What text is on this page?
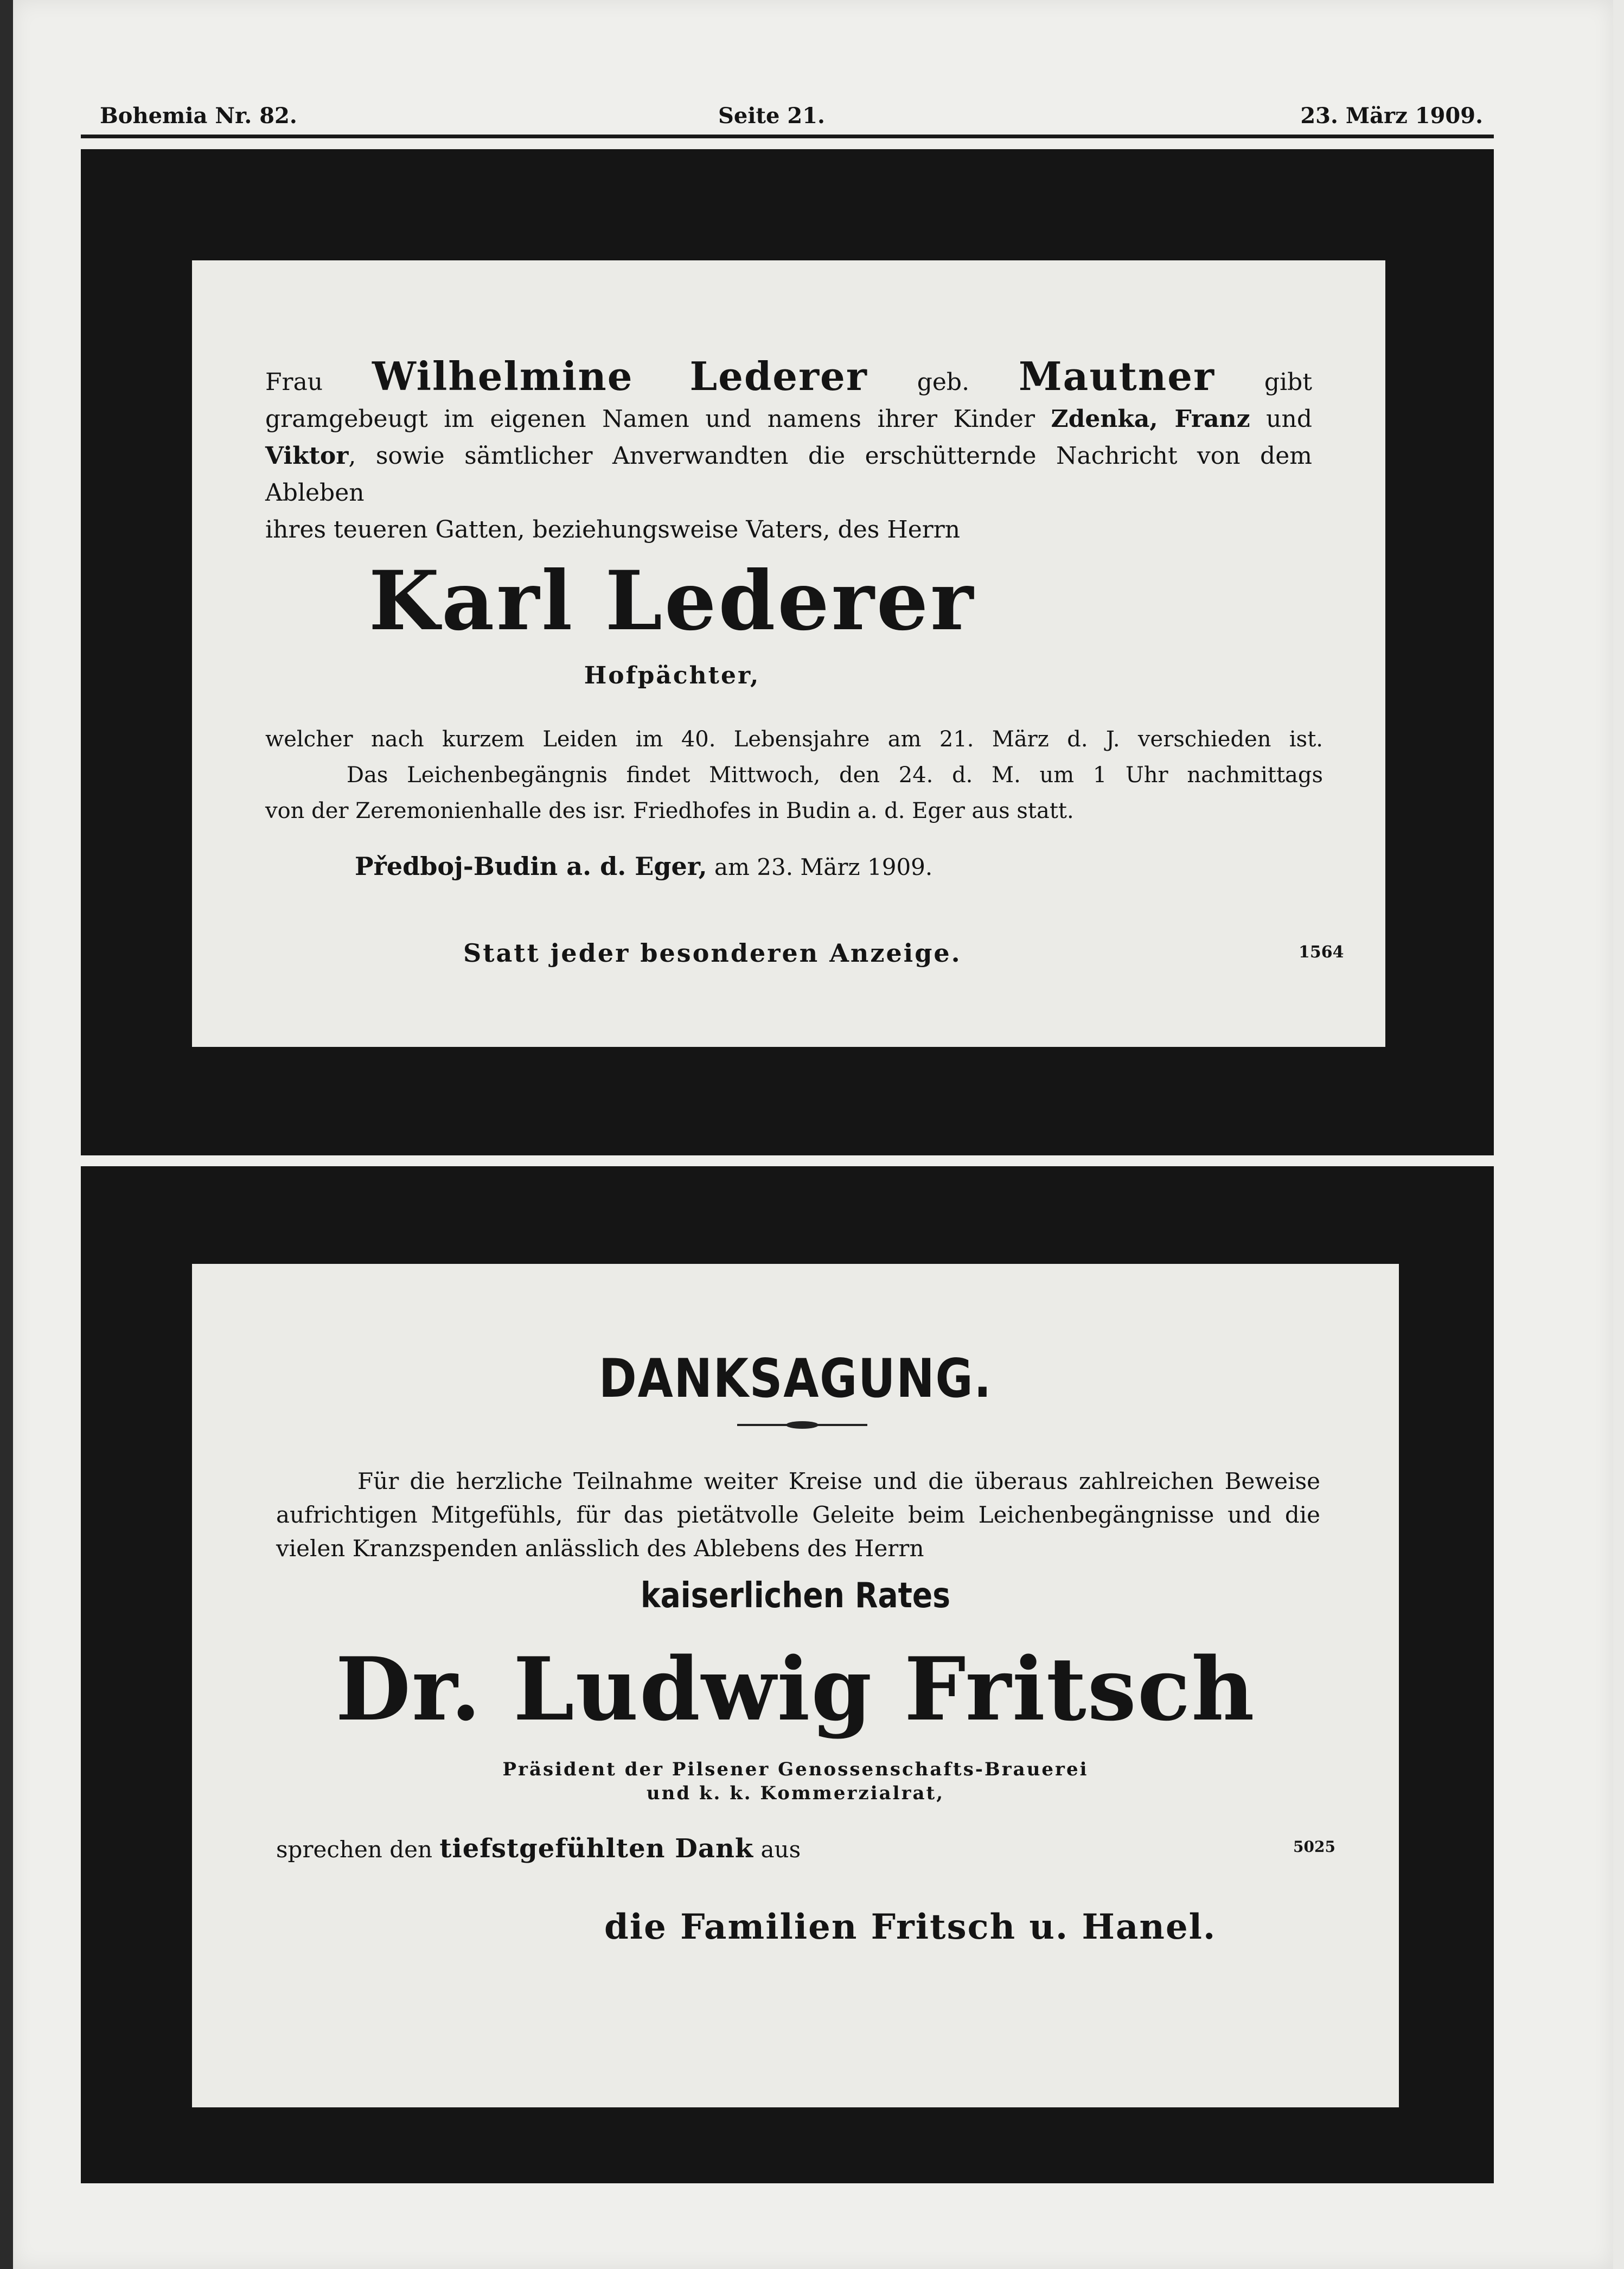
Bohemia Nr. 82.	Seite 21.	23. März 1909.
Frau Wilhelmine Lederer geb. Mautner gibt
gramgebeugt im eigenen Namen und namens ihrer Kinder Zdenka, Franz und
Viktor, sowie sämtlicher Anverwandten die erschütternde Nachricht von dem Ableben
ihres teueren Gatten, beziehungsweise Vaters, des Herrn
Karl Lederer
Hofpächter,
welcher nach kurzem Leiden im 40. Lebensjahre am 21. März d. J. verschieden ist.
Das Leichenbegängnis findet Mittwoch, den 24. d. M. um 1 Uhr nachmittags
von der Zeremonienhalle des isr. Friedhofes in Budin a. d. Eger aus statt.
Předboj-Budin a. d. Eger, am 23. März 1909.
Statt jeder besonderen Anzeige.	1564
DANKSAGUNG.
Für die herzliche Teilnahme weiter Kreise und die überaus zahlreichen Beweise
aufrichtigen Mitgefühls, für das pietätvolle Geleite beim Leichenbegängnisse und die
vielen Kranzspenden anlässlich des Ablebens des Herrn
kaiserlichen Rates
Dr. Ludwig Fritsch
Präsident der Pilsener Genossenschafts-Brauerei
und k. k. Kommerzialrat,
sprechen den tiefstgefühlten Dank aus	5025
die Familien Fritsch u. Hanel.
